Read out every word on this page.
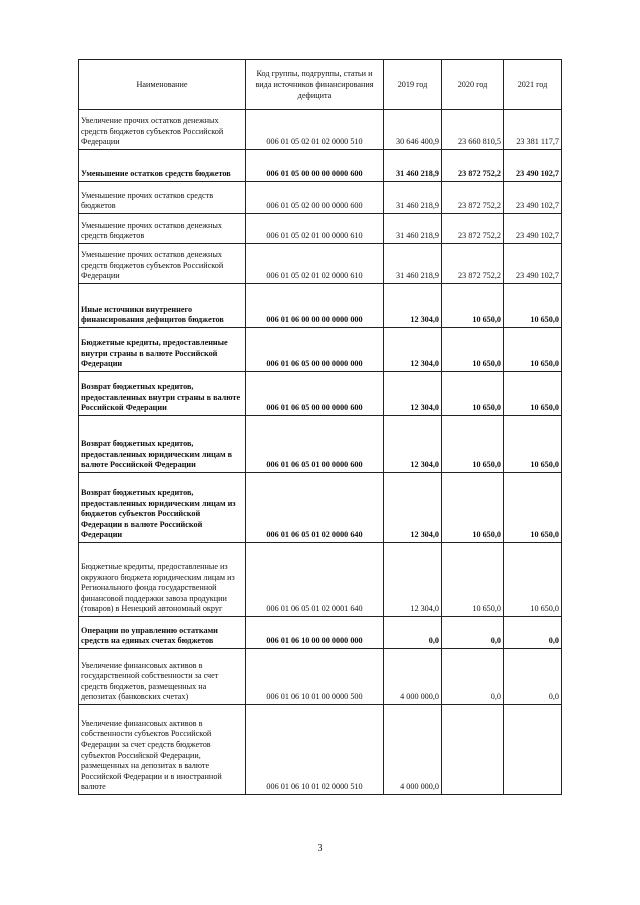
Наименование	Код группы, подгруппы, статьи и вида источников финансирования дефицита	2019 год	2020 год	2021 год
Увеличение прочих остатков денежных средств бюджетов субъектов Российской Федерации	006 01 05 02 01 02 0000 510	30 646 400,9	23 660 810,5	23 381 117,7
Уменьшение остатков средств бюджетов	006 01 05 00 00 00 0000 600	31 460 218,9	23 872 752,2	23 490 102,7
Уменьшение прочих остатков средств бюджетов	006 01 05 02 00 00 0000 600	31 460 218,9	23 872 752,2	23 490 102,7
Уменьшение прочих остатков денежных средств бюджетов	006 01 05 02 01 00 0000 610	31 460 218,9	23 872 752,2	23 490 102,7
Уменьшение прочих остатков денежных средств бюджетов субъектов Российской Федерации	006 01 05 02 01 02 0000 610	31 460 218,9	23 872 752,2	23 490 102,7
Иные источники внутреннего финансирования дефицитов бюджетов	006 01 06 00 00 00 0000 000	12 304,0	10 650,0	10 650,0
Бюджетные кредиты, предоставленные внутри страны в валюте Российской Федерации	006 01 06 05 00 00 0000 000	12 304,0	10 650,0	10 650,0
Возврат бюджетных кредитов, предоставленных внутри страны в валюте Российской Федерации	006 01 06 05 00 00 0000 600	12 304,0	10 650,0	10 650,0
Возврат бюджетных кредитов, предоставленных юридическим лицам в валюте Российской Федерации	006 01 06 05 01 00 0000 600	12 304,0	10 650,0	10 650,0
Возврат бюджетных кредитов, предоставленных юридическим лицам из бюджетов субъектов Российской Федерации в валюте Российской Федерации	006 01 06 05 01 02 0000 640	12 304,0	10 650,0	10 650,0
Бюджетные кредиты, предоставленные из окружного бюджета юридическим лицам из Регионального фонда государственной финансовой поддержки завоза продукции (товаров) в Ненецкий автономный округ	006 01 06 05 01 02 0001 640	12 304,0	10 650,0	10 650,0
Операции по управлению остатками средств на единых счетах бюджетов	006 01 06 10 00 00 0000 000	0,0	0,0	0,0
Увеличение финансовых активов в государственной собственности за счет средств бюджетов, размещенных на депозитах (банковских счетах)	006 01 06 10 01 00 0000 500	4 000 000,0	0,0	0,0
Увеличение финансовых активов в собственности субъектов Российской Федерации за счет средств бюджетов субъектов Российской Федерации, размещенных на депозитах в валюте Российской Федерации и в иностранной валюте	006 01 06 10 01 02 0000 510	4 000 000,0		
3
